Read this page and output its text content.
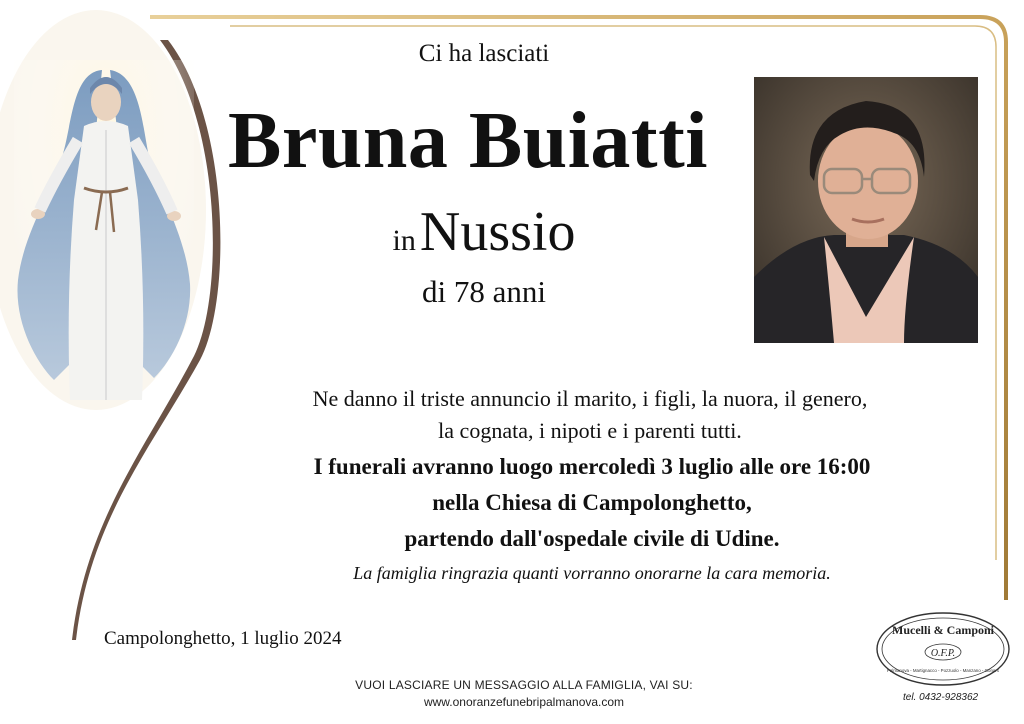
Ci ha lasciati
Bruna Buiatti
in Nussio
di 78 anni
Ne danno il triste annuncio il marito, i figli, la nuora, il genero,
la cognata, i nipoti e i parenti tutti.
I funerali avranno luogo mercoledì 3 luglio alle ore 16:00
nella Chiesa di Campolonghetto,
partendo dall'ospedale civile di Udine.
La famiglia ringrazia quanti vorranno onorarne la cara memoria.
Campolonghetto, 1 luglio 2024
VUOI LASCIARE UN MESSAGGIO ALLA FAMIGLIA, VAI SU:
www.onoranzefunebripalmanova.com
Mucelli & Camponi
O.F.P.
Palmanova - Martignacco - Pozzuolo - Manzano - Gonars
tel. 0432-928362
